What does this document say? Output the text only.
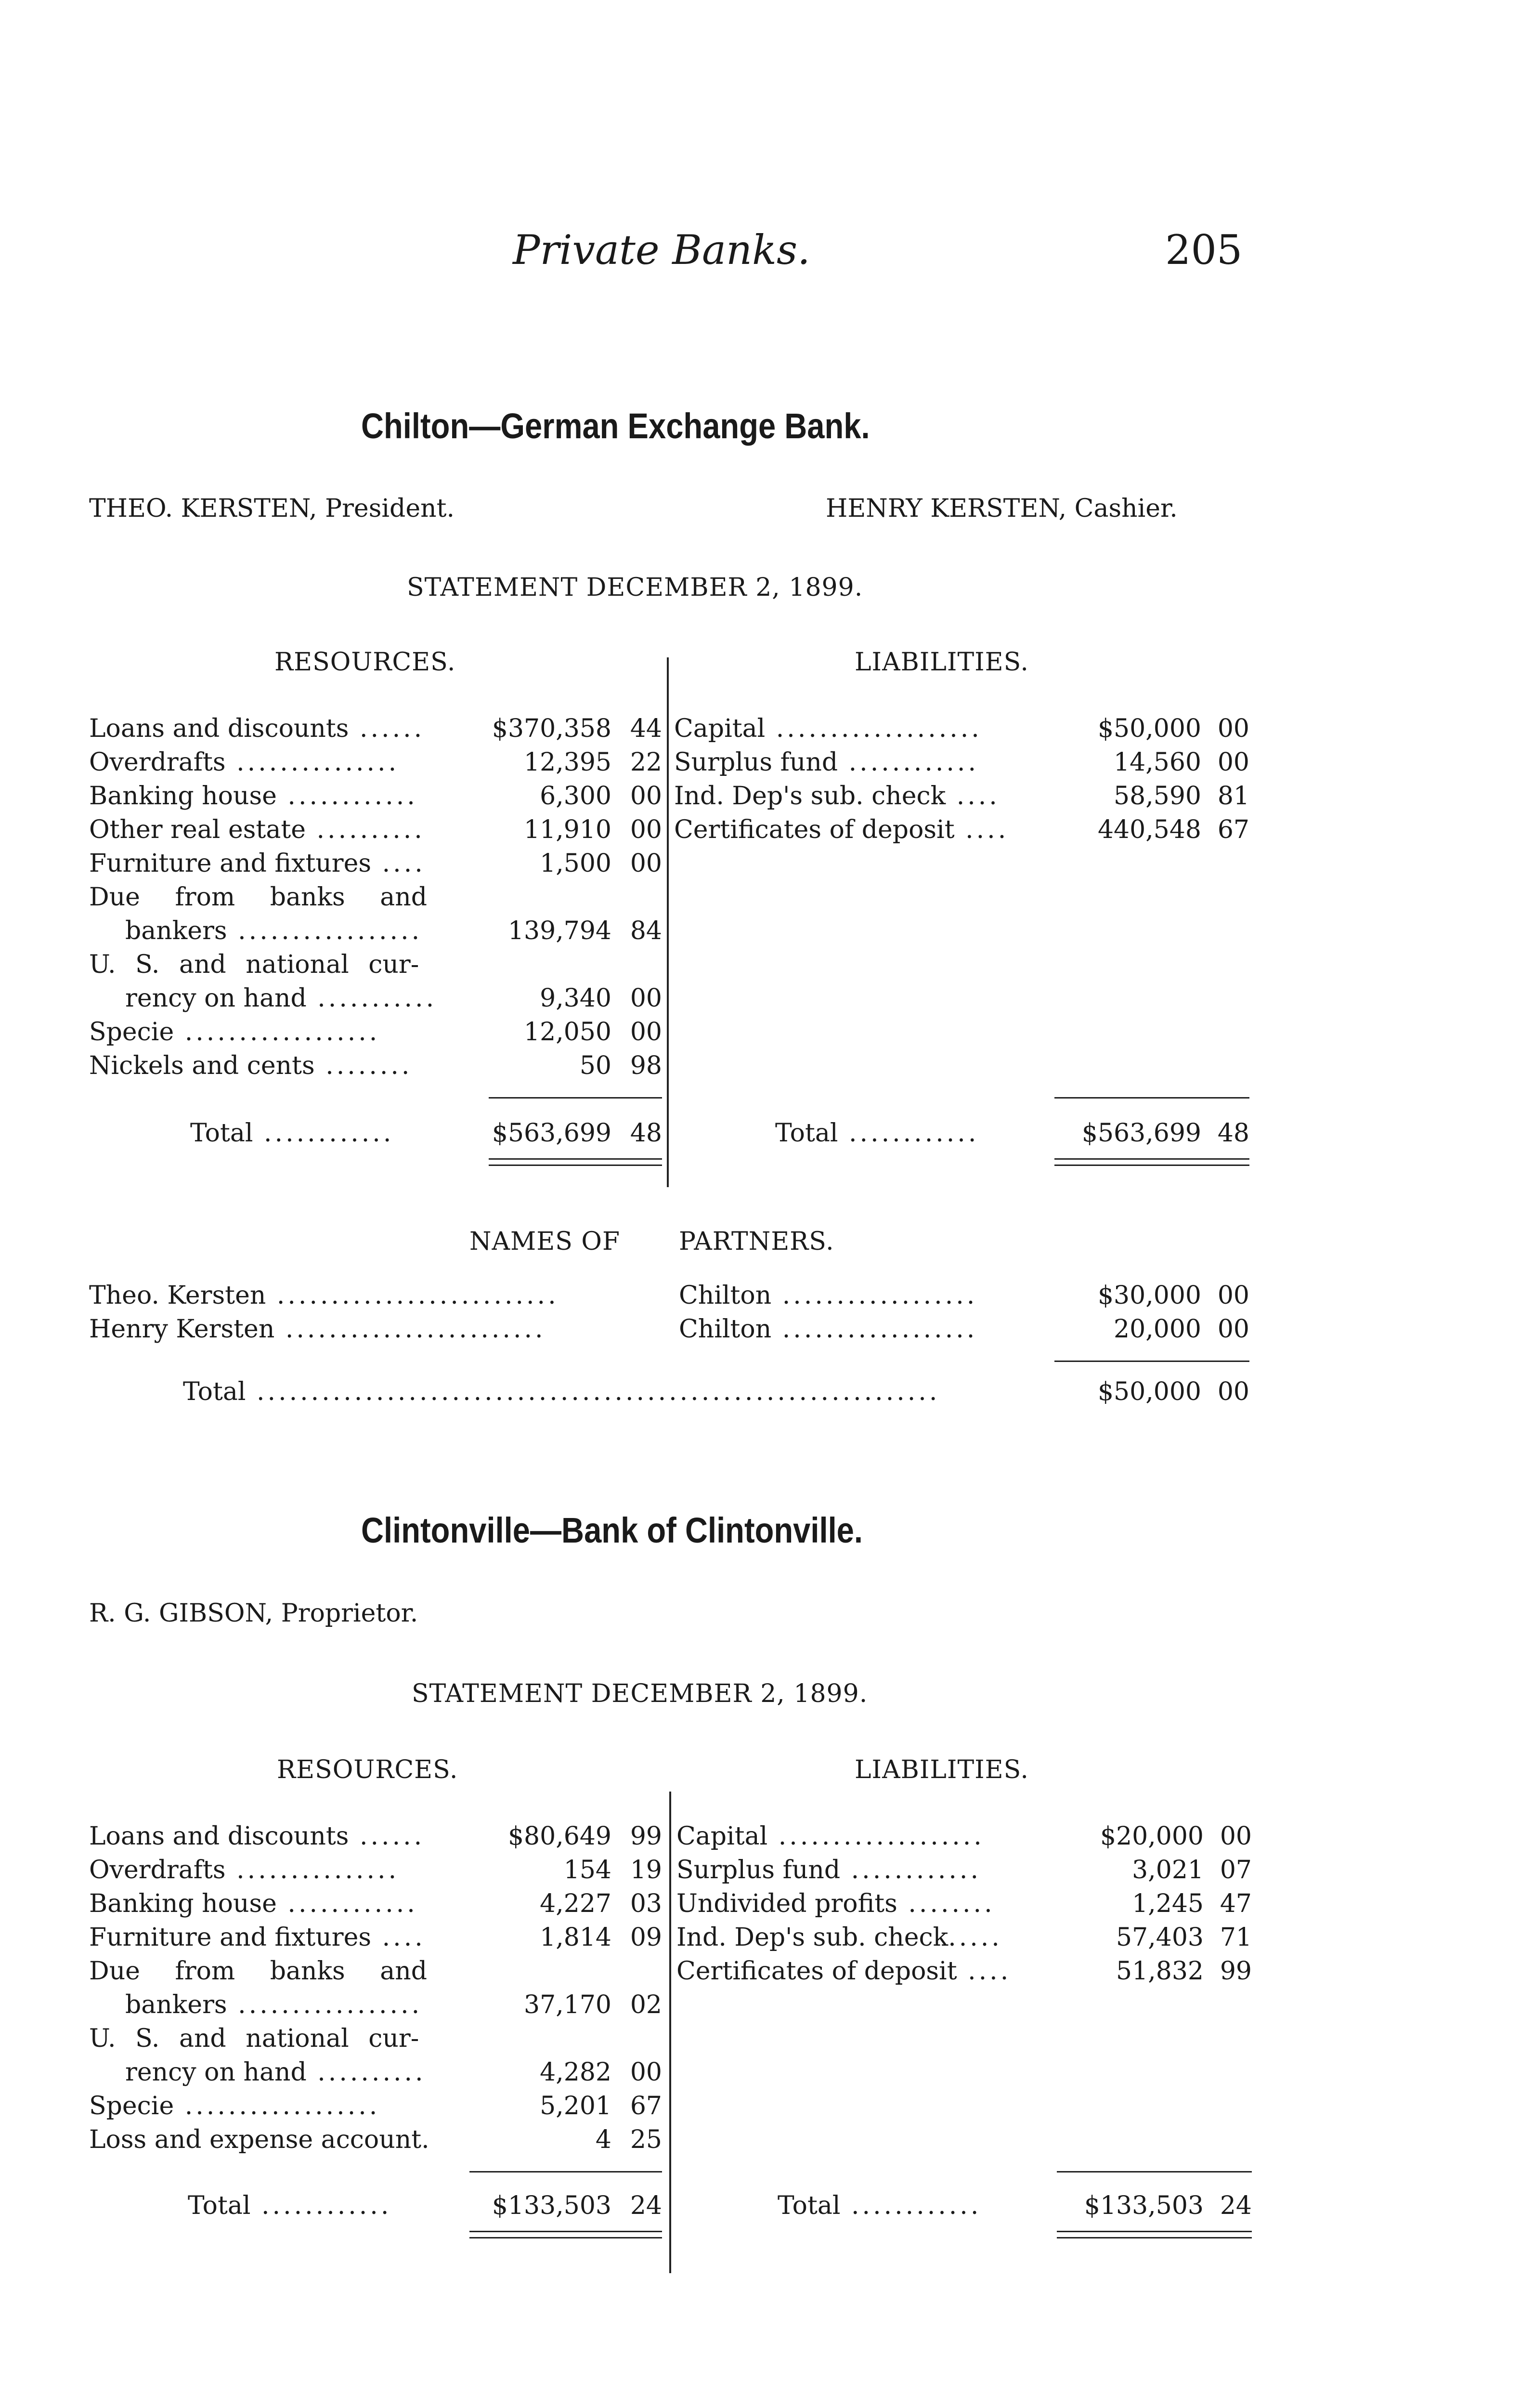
Private Banks.	205
Chilton—German Exchange Bank.
THEO. KERSTEN, President.	HENRY KERSTEN, Cashier.
STATEMENT DECEMBER 2, 1899.
RESOURCES.	LIABILITIES.
Loans and discounts ......	$370,358 44
Overdrafts ...............	12,395 22
Banking house ............	6,300 00
Other real estate ..........	11,910 00
Furniture and fixtures ....	1,500 00
Due from banks and
bankers .................	139,794 84
U. S. and national cur-
rency on hand ...........	9,340 00
Specie ..................	12,050 00
Nickels and cents ........	50 98
Total ............	$563,699 48
Capital ...................	$50,000 00
Surplus fund ............	14,560 00
Ind. Dep's sub. check ....	58,590 81
Certificates of deposit ....	440,548 67
Total ............	$563,699 48
NAMES OF PARTNERS.
Theo. Kersten ..........................	Chilton ..................	$30,000 00
Henry Kersten ........................	Chilton ..................	20,000 00
Total ...............................................................	$50,000 00
Clintonville—Bank of Clintonville.
R. G. GIBSON, Proprietor.
STATEMENT DECEMBER 2, 1899.
RESOURCES.	LIABILITIES.
Loans and discounts ......	$80,649 99
Overdrafts ...............	154 19
Banking house ............	4,227 03
Furniture and fixtures ....	1,814 09
Due from banks and
bankers .................	37,170 02
U. S. and national cur-
rency on hand ..........	4,282 00
Specie ..................	5,201 67
Loss and expense account.	4 25
Total ............	$133,503 24
Capital ...................	$20,000 00
Surplus fund ............	3,021 07
Undivided profits ........	1,245 47
Ind. Dep's sub. check.....	57,403 71
Certificates of deposit ....	51,832 99
Total ............	$133,503 24
